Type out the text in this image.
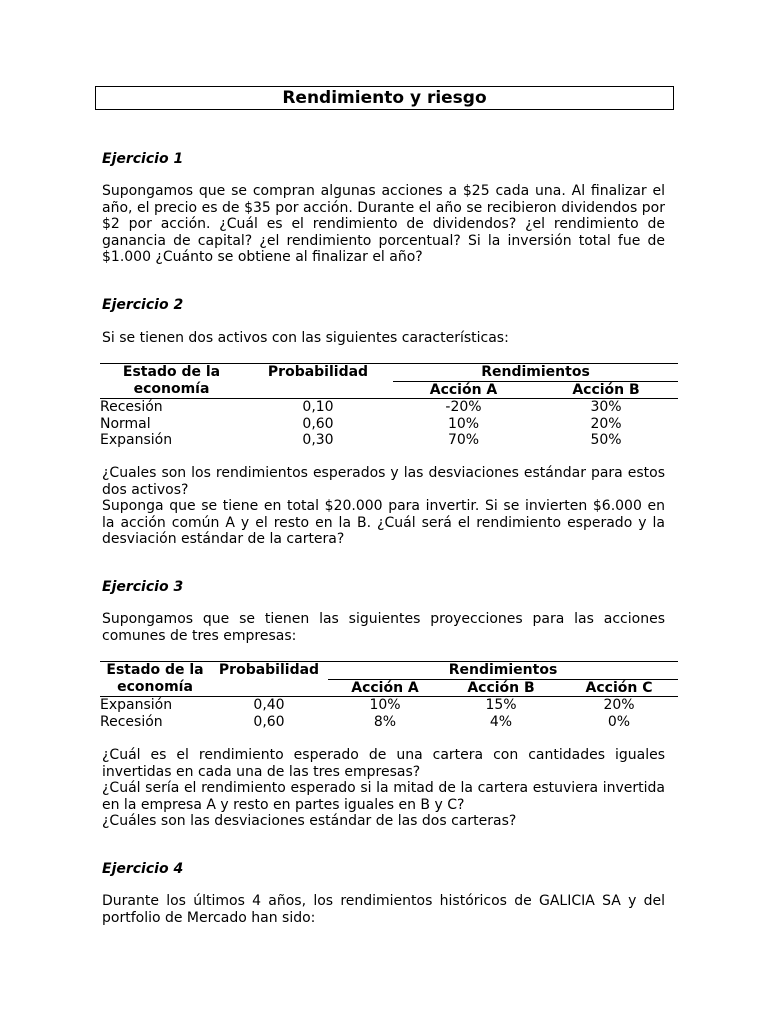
Rendimiento y riesgo
Ejercicio 1

Supongamos que se compran algunas acciones a $25 cada una. Al finalizar el año, el precio es de $35 por acción. Durante el año se recibieron dividendos por $2 por acción. ¿Cuál es el rendimiento de dividendos? ¿el rendimiento de ganancia de capital? ¿el rendimiento porcentual? Si la inversión total fue de $1.000 ¿Cuánto se obtiene al finalizar el año?

Ejercicio 2

Si se tienen dos activos con las siguientes características:

Estado de la
economía	Probabilidad	Rendimientos	
		Acción A	Acción B
Recesión	0,10	-20%	30%
Normal	0,60	10%	20%
Expansión	0,30	70%	50%

¿Cuales son los rendimientos esperados y las desviaciones estándar para estos dos activos?

Suponga que se tiene en total $20.000 para invertir. Si se invierten $6.000 en la acción común A y el resto en la B. ¿Cuál será el rendimiento esperado y la desviación estándar de la cartera?

Ejercicio 3

Supongamos que se tienen las siguientes proyecciones para las acciones comunes de tres empresas:

Estado de la
economía	Probabilidad	Rendimientos		
		Acción A	Acción B	Acción C
Expansión	0,40	10%	15%	20%
Recesión	0,60	8%	4%	0%

¿Cuál es el rendimiento esperado de una cartera con cantidades iguales invertidas en cada una de las tres empresas?

¿Cuál sería el rendimiento esperado si la mitad de la cartera estuviera invertida en la empresa A y resto en partes iguales en B y C?

¿Cuáles son las desviaciones estándar de las dos carteras?

Ejercicio 4

Durante los últimos 4 años, los rendimientos históricos de GALICIA SA y del portfolio de Mercado han sido:
